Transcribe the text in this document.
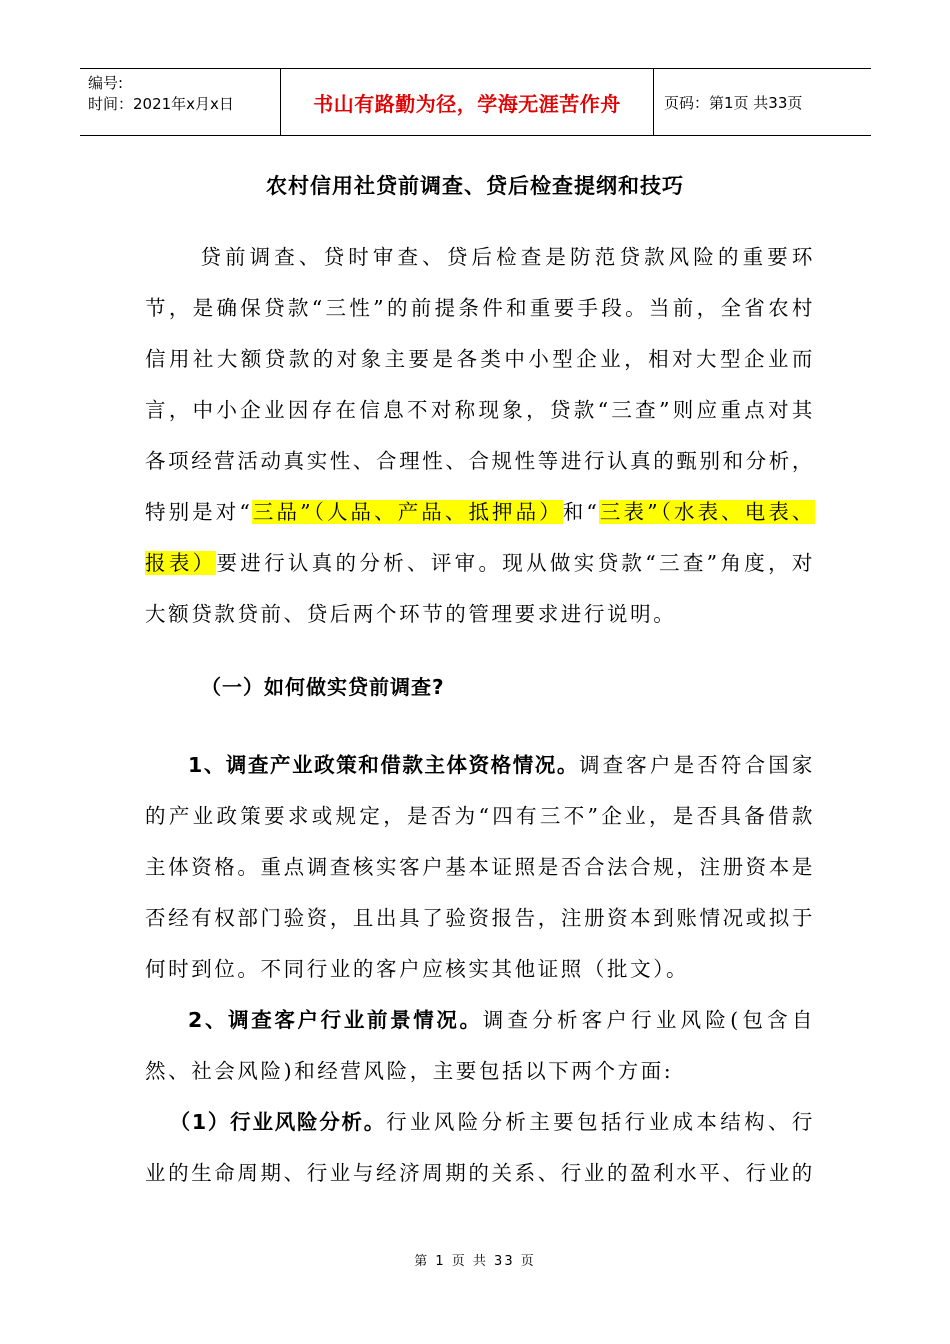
编号:
时间：2021年x月x日	书山有路勤为径，学海无涯苦作舟	页码：第1页 共33页
农村信用社贷前调查、贷后检查提纲和技巧

贷前调查、贷时审查、贷后检查是防范贷款风险的重要环节，是确保贷款“三性”的前提条件和重要手段。当前，全省农村信用社大额贷款的对象主要是各类中小型企业，相对大型企业而言，中小企业因存在信息不对称现象，贷款“三查”则应重点对其各项经营活动真实性、合理性、合规性等进行认真的甄别和分析，特别是对“三品”（人品、产品、抵押品）和“三表”（水表、电表、报表）要进行认真的分析、评审。现从做实贷款“三查”角度，对大额贷款贷前、贷后两个环节的管理要求进行说明。

（一）如何做实贷前调查?

1、调查产业政策和借款主体资格情况。调查客户是否符合国家的产业政策要求或规定，是否为“四有三不”企业，是否具备借款主体资格。重点调查核实客户基本证照是否合法合规，注册资本是否经有权部门验资，且出具了验资报告，注册资本到账情况或拟于何时到位。不同行业的客户应核实其他证照（批文）。

2、调查客户行业前景情况。调查分析客户行业风险(包含自然、社会风险)和经营风险，主要包括以下两个方面:

（1）行业风险分析。行业风险分析主要包括行业成本结构、行业的生命周期、行业与经济周期的关系、行业的盈利水平、行业的

第 1 页 共 33 页
